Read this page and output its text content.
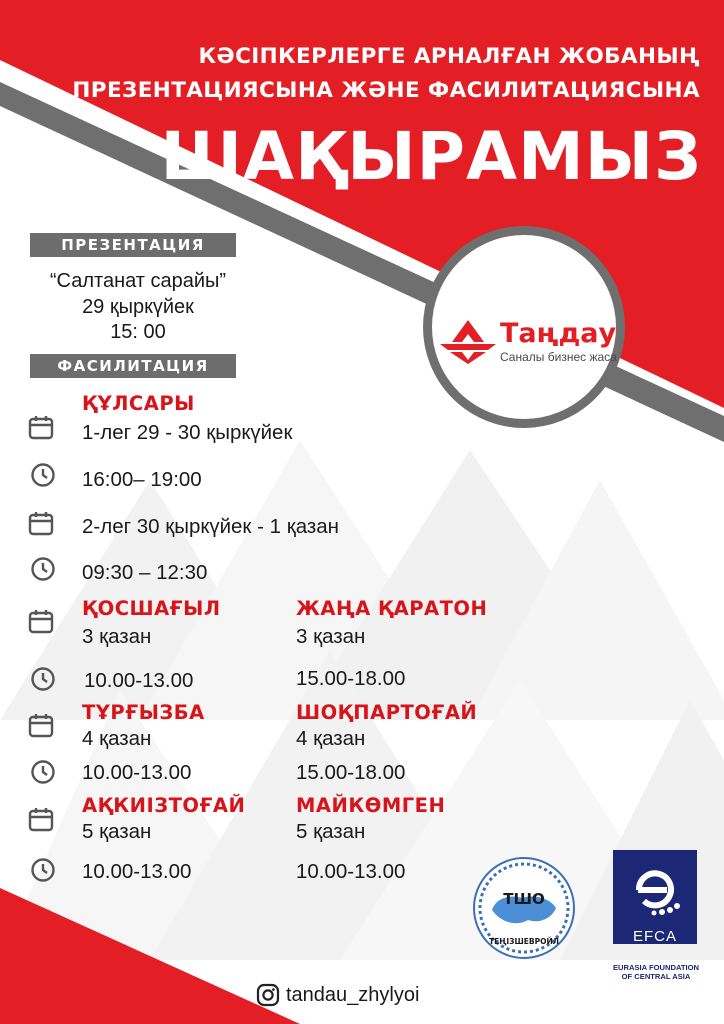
КӘСІПКЕРЛЕРГЕ АРНАЛҒАН ЖОБАНЫҢ
ПРЕЗЕНТАЦИЯСЫНА ЖӘНЕ ФАСИЛИТАЦИЯСЫНА
ШАҚЫРАМЫЗ
ПРЕЗЕНТАЦИЯ
“Салтанат сарайы”
29 қыркүйек
15: 00	Таңдау
Саналы бизнес жаса
ФАСИЛИТАЦИЯ
ҚҰЛСАРЫ
1-лег 29 - 30 қыркүйек
16:00– 19:00
2-лег 30 қыркүйек - 1 қазан
09:30 – 12:30
ҚОСШАҒЫЛ	ЖАҢА ҚАРАТОН
3 қазан	3 қазан
10.00-13.00	15.00-18.00
ТҰРҒЫЗБА	ШОҚПАРТОҒАЙ
4 қазан	4 қазан
10.00-13.00	15.00-18.00
АҚКИІЗТОҒАЙ	МАЙКӨМГЕН
5 қазан	5 қазан
10.00-13.00	10.00-13.00
ТШО
ТЕҢІЗШЕВРОЙЛ	EFCA
EURASIA FOUNDATION
OF CENTRAL ASIA
tandau_zhylyoi
